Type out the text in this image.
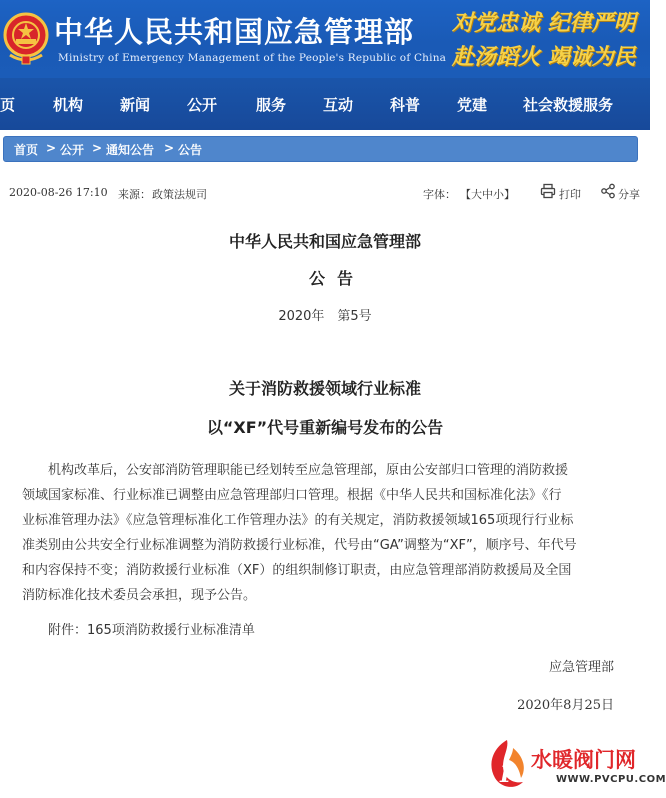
中华人民共和国应急管理部
Ministry of Emergency Management of the People's Republic of China
对党忠诚 纪律严明
赴汤蹈火 竭诚为民
页	机构 新闻 公开	服务 互动 科普 党建 社会救援服务
首页 > 公开 > 通知公告 > 公告
2020-08-26 17:10 来源： 政策法规司	字体： 【大中小】	打印	分享
中华人民共和国应急管理部
公告
2020年　第5号
关于消防救援领域行业标准
以“XF”代号重新编号发布的公告
　　机构改革后，公安部消防管理职能已经划转至应急管理部，原由公安部归口管理的消防救援
领域国家标准、行业标准已调整由应急管理部归口管理。根据《中华人民共和国标准化法》《行
业标准管理办法》《应急管理标准化工作管理办法》的有关规定，消防救援领域165项现行行业标
准类别由公共安全行业标准调整为消防救援行业标准，代号由“GA”调整为“XF”，顺序号、年代号
和内容保持不变；消防救援行业标准（XF）的组织制修订职责，由应急管理部消防救援局及全国
消防标准化技术委员会承担，现予公告。
附件：165项消防救援行业标准清单
应急管理部
2020年8月25日
P
水暖阀门网
WWW.PVCPU.COM
